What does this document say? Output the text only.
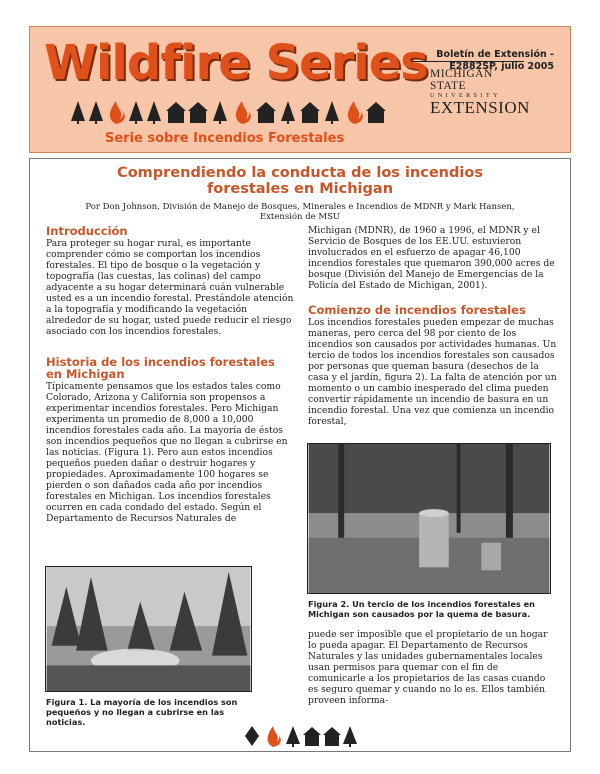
Wildfire Series
Serie sobre Incendios Forestales
Boletín de Extensión -
E2882SP, julio 2005
MICHIGAN STATE
UNIVERSITY
EXTENSION
Comprendiendo la conducta de los incendios
forestales en Michigan
Por Don Johnson, División de Manejo de Bosques, Minerales e Incendios de MDNR y Mark Hansen, Extensión de MSU
Introducción

Para proteger su hogar rural, es importante comprender cómo se comportan los incendios forestales. El tipo de bosque o la vegetación y topografía (las cuestas, las colinas) del campo adyacente a su hogar determinará cuán vulnerable usted es a un incendio forestal. Prestándole atención a la topografía y modificando la vegetación alrededor de su hogar, usted puede reducir el riesgo asociado con los incendios forestales.

Historia de los incendios forestales en Michigan

Típicamente pensamos que los estados tales como Colorado, Arizona y California son propensos a experimentar incendios forestales. Pero Michigan experimenta un promedio de 8,000 a 10,000 incendios forestales cada año. La mayoría de éstos son incendios pequeños que no llegan a cubrirse en las noticias. (Figura 1). Pero aun estos incendios pequeños pueden dañar o destruir hogares y propiedades. Aproximadamente 100 hogares se pierden o son dañados cada año por incendios forestales en Michigan. Los incendios forestales ocurren en cada condado del estado. Según el Departamento de Recursos Naturales de

Figura 1. La mayoría de los incendios son pequeños y no llegan a cubrirse en las noticias.

Michigan (MDNR), de 1960 a 1996, el MDNR y el Servicio de Bosques de los EE.UU. estuvieron involucrados en el esfuerzo de apagar 46,100 incendios forestales que quemaron 390,000 acres de bosque (División del Manejo de Emergencias de la Policía del Estado de Michigan, 2001).

Comienzo de incendios forestales

Los incendios forestales pueden empezar de muchas maneras, pero cerca del 98 por ciento de los incendios son causados por actividades humanas. Un tercio de todos los incendios forestales son causados por personas que queman basura (desechos de la casa y el jardín, figura 2). La falta de atención por un momento o un cambio inesperado del clima pueden convertir rápidamente un incendio de basura en un incendio forestal. Una vez que comienza un incendio forestal,

Figura 2. Un tercio de los incendios forestales en Michigan son causados por la quema de basura.

puede ser imposible que el propietario de un hogar lo pueda apagar. El Departamento de Recursos Naturales y las unidades gubernamentales locales usan permisos para quemar con el fin de comunicarle a los propietarios de las casas cuando es seguro quemar y cuando no lo es. Ellos también proveen informa-
